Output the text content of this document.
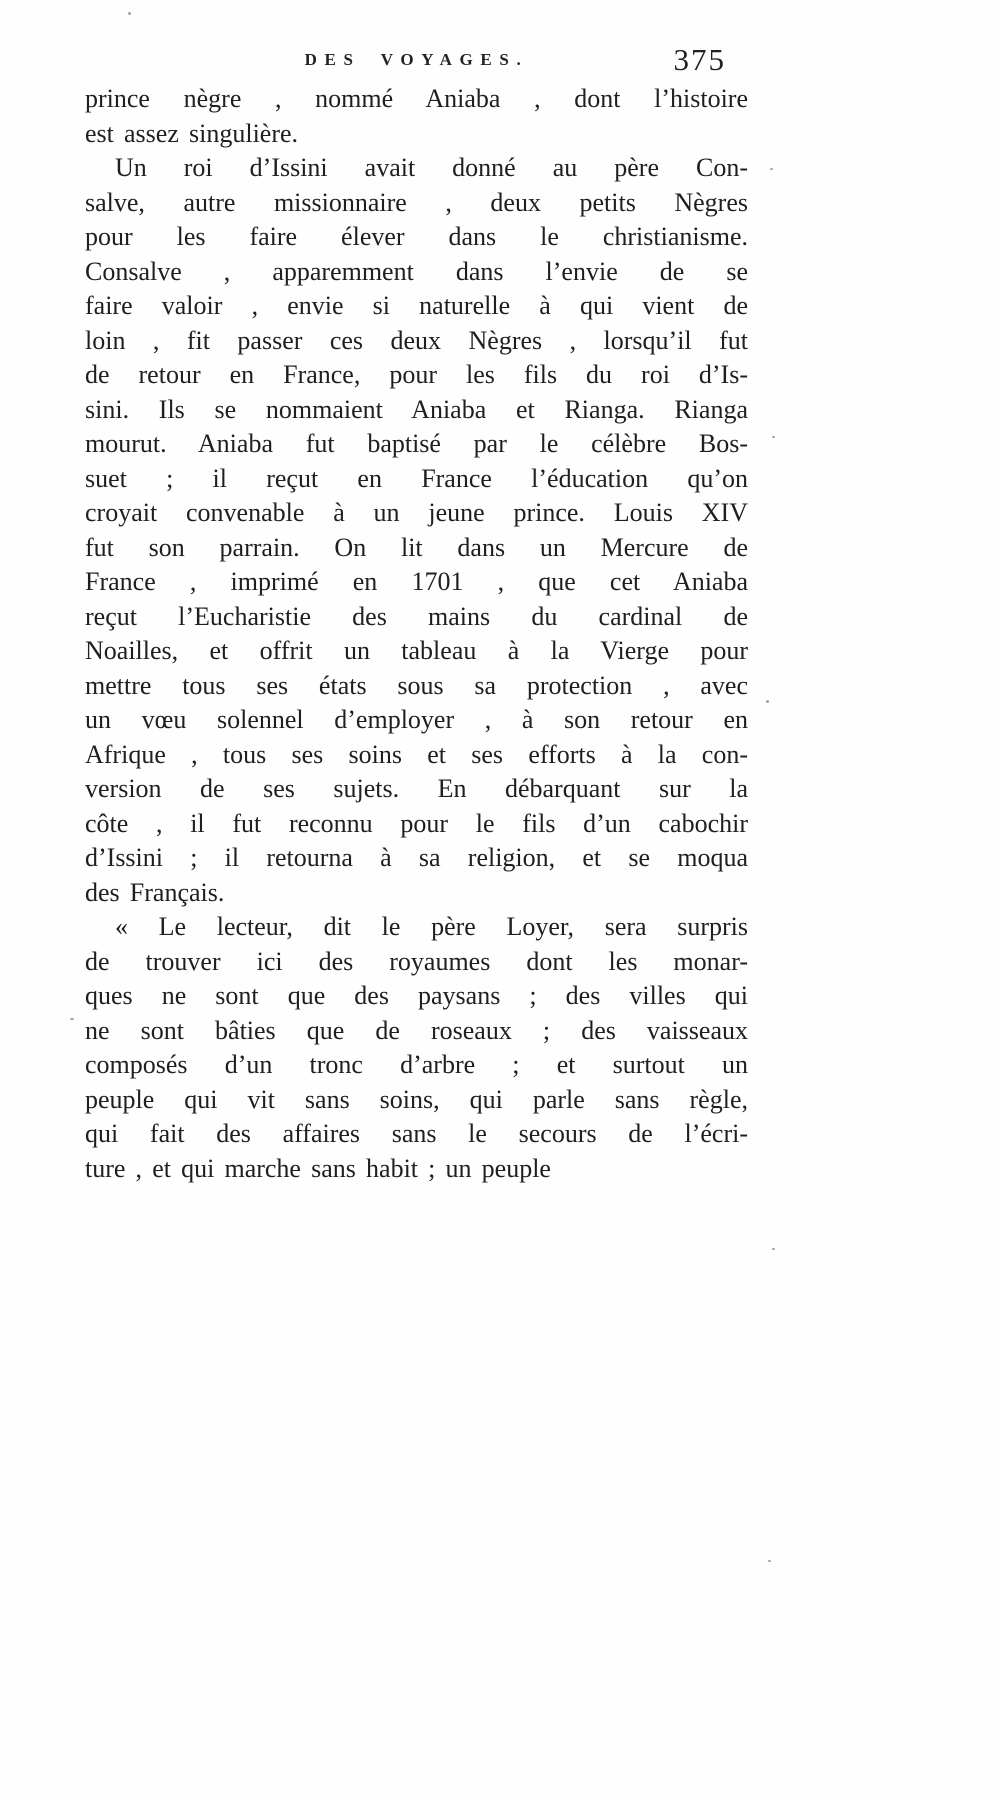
DES VOYAGES.	375
prince nègre , nommé Aniaba , dont l’histoire
est assez singulière.
Un roi d’Issini avait donné au père Con-
salve, autre missionnaire , deux petits Nègres
pour les faire élever dans le christianisme.
Consalve , apparemment dans l’envie de se
faire valoir , envie si naturelle à qui vient de
loin , fit passer ces deux Nègres , lorsqu’il fut
de retour en France, pour les fils du roi d’Is-
sini. Ils se nommaient Aniaba et Rianga. Rianga
mourut. Aniaba fut baptisé par le célèbre Bos-
suet ; il reçut en France l’éducation qu’on
croyait convenable à un jeune prince. Louis XIV
fut son parrain. On lit dans un Mercure de
France , imprimé en 1701 , que cet Aniaba
reçut l’Eucharistie des mains du cardinal de
Noailles, et offrit un tableau à la Vierge pour
mettre tous ses états sous sa protection , avec
un vœu solennel d’employer , à son retour en
Afrique , tous ses soins et ses efforts à la con-
version de ses sujets. En débarquant sur la
côte , il fut reconnu pour le fils d’un cabochir
d’Issini ; il retourna à sa religion, et se moqua
des Français.
« Le lecteur, dit le père Loyer, sera surpris
de trouver ici des royaumes dont les monar-
ques ne sont que des paysans ; des villes qui
ne sont bâties que de roseaux ; des vaisseaux
composés d’un tronc d’arbre ; et surtout un
peuple qui vit sans soins, qui parle sans règle,
qui fait des affaires sans le secours de l’écri-
ture , et qui marche sans habit ; un peuple
